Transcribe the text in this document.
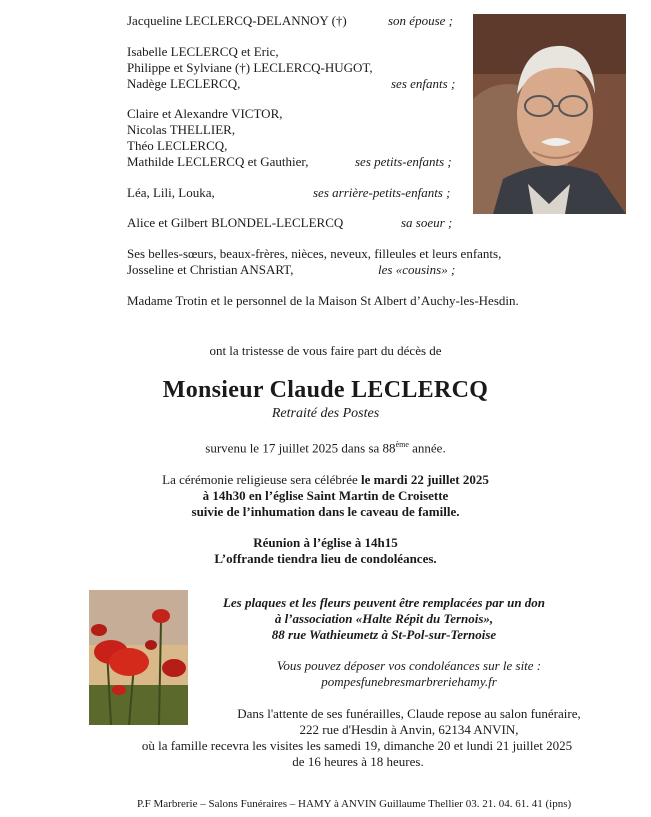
Jacqueline LECLERCQ-DELANNOY (†)	son épouse ;
Isabelle LECLERCQ et Eric,
Philippe et Sylviane (†) LECLERCQ-HUGOT,
Nadège LECLERCQ,	ses enfants ;
Claire et Alexandre VICTOR,
Nicolas THELLIER,
Théo LECLERCQ,
Mathilde LECLERCQ et Gauthier,	ses petits-enfants ;
Léa, Lili, Louka,	ses arrière-petits-enfants ;
Alice et Gilbert BLONDEL-LECLERCQ	sa soeur ;
Ses belles-sœurs, beaux-frères, nièces, neveux, filleules et leurs enfants,
Josseline et Christian ANSART,	les «cousins» ;
Madame Trotin et le personnel de la Maison St Albert d’Auchy-les-Hesdin.
ont la tristesse de vous faire part du décès de
Monsieur Claude LECLERCQ
Retraité des Postes
survenu le 17 juillet 2025 dans sa 88ème année.
La cérémonie religieuse sera célébrée le mardi 22 juillet 2025
à 14h30 en l’église Saint Martin de Croisette
suivie de l’inhumation dans le caveau de famille.
Réunion à l’église à 14h15
L’offrande tiendra lieu de condoléances.
Les plaques et les fleurs peuvent être remplacées par un don
à l’association «Halte Répit du Ternois»,
88 rue Wathieumetz à St-Pol-sur-Ternoise
Vous pouvez déposer vos condoléances sur le site :
pompesfunebresmarbreriehamy.fr
Dans l'attente de ses funérailles, Claude repose au salon funéraire,
222 rue d'Hesdin à Anvin, 62134 ANVIN,
où la famille recevra les visites les samedi 19, dimanche 20 et lundi 21 juillet 2025
de 16 heures à 18 heures.
P.F Marbrerie – Salons Funéraires – HAMY à ANVIN Guillaume Thellier 03. 21. 04. 61. 41 (ipns)
